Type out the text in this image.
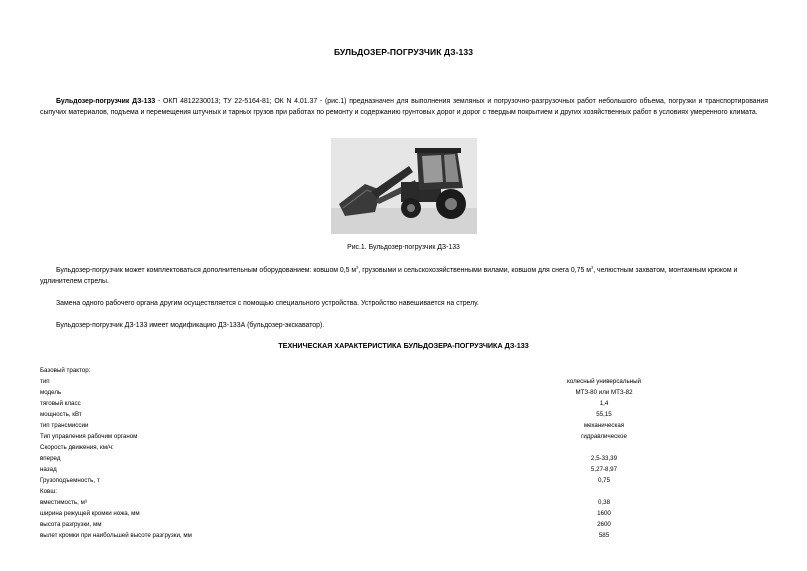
БУЛЬДОЗЕР-ПОГРУЗЧИК ДЗ-133

Бульдозер-погрузчик ДЗ-133 - ОКП 4812230013; ТУ 22-5164-81; ОК N 4.01.37 - (рис.1) предназначен для выполнения земляных и погрузочно-разгрузочных работ небольшого объема, погрузки и транспортирования сыпучих материалов, подъема и перемещения штучных и тарных грузов при работах по ремонту и содержанию грунтовых дорог и дорог с твердым покрытием и других хозяйственных работ в условиях умеренного климата.

Рис.1. Бульдозер-погрузчик ДЗ-133

Бульдозер-погрузчик может комплектоваться дополнительным оборудованием: ковшом 0,5 $м^3$, грузовыми и сельскохозяйственными вилами, ковшом для снега 0,75 $м^3$, челюстным захватом, монтажным крюком и удлинителем стрелы.

Замена одного рабочего органа другим осуществляется с помощью специального устройства. Устройство навешивается на стрелу.

Бульдозер-погрузчик ДЗ-133 имеет модификацию ДЗ-133А (бульдозер-экскаватор).

ТЕХНИЧЕСКАЯ ХАРАКТЕРИСТИКА БУЛЬДОЗЕРА-ПОГРУЗЧИКА ДЗ-133
Базовый трактор:
тип	колесный универсальный
модель	МТЗ-80 или МТЗ-82
тяговый класс	1,4
мощность, кВт	55,15
тип трансмиссии	механическая
Тип управления рабочим органом	гидравлическое
Скорость движения, км/ч:
вперед	2,5-33,39
назад	5,27-8,97
Грузоподъемность, т	0,75
Ковш:
вместимость, м³	0,38
ширина режущей кромки ножа, мм	1600
высота разгрузки, мм	2600
вылет кромки при наибольшей высоте разгрузки, мм	585
